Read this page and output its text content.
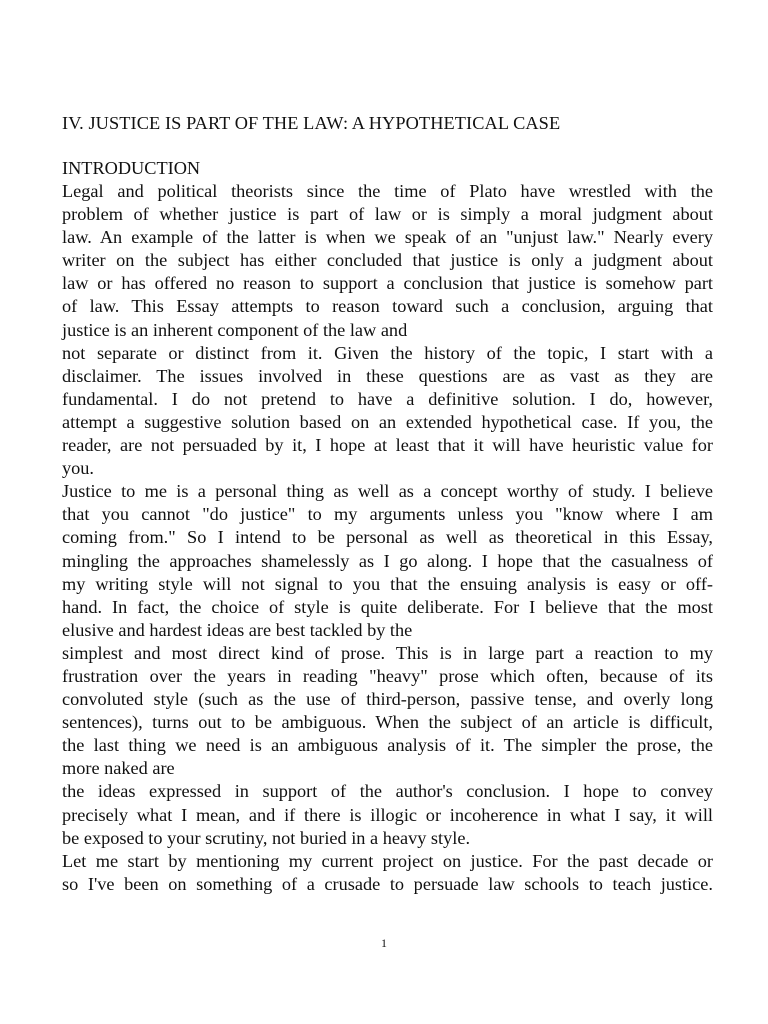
IV. JUSTICE IS PART OF THE LAW: A HYPOTHETICAL CASE

INTRODUCTION

Legal and political theorists since the time of Plato have wrestled with the
problem of whether justice is part of law or is simply a moral judgment about
law. An example of the latter is when we speak of an "unjust law." Nearly every
writer on the subject has either concluded that justice is only a judgment about
law or has offered no reason to support a conclusion that justice is somehow part
of law. This Essay attempts to reason toward such a conclusion, arguing that
justice is an inherent component of the law and
not separate or distinct from it. Given the history of the topic, I start with a
disclaimer. The issues involved in these questions are as vast as they are
fundamental. I do not pretend to have a definitive solution. I do, however,
attempt a suggestive solution based on an extended hypothetical case. If you, the
reader, are not persuaded by it, I hope at least that it will have heuristic value for
you.
Justice to me is a personal thing as well as a concept worthy of study. I believe
that you cannot "do justice" to my arguments unless you "know where I am
coming from." So I intend to be personal as well as theoretical in this Essay,
mingling the approaches shamelessly as I go along. I hope that the casualness of
my writing style will not signal to you that the ensuing analysis is easy or off-
hand. In fact, the choice of style is quite deliberate. For I believe that the most
elusive and hardest ideas are best tackled by the
simplest and most direct kind of prose. This is in large part a reaction to my
frustration over the years in reading "heavy" prose which often, because of its
convoluted style (such as the use of third-person, passive tense, and overly long
sentences), turns out to be ambiguous. When the subject of an article is difficult,
the last thing we need is an ambiguous analysis of it. The simpler the prose, the
more naked are
the ideas expressed in support of the author's conclusion. I hope to convey
precisely what I mean, and if there is illogic or incoherence in what I say, it will
be exposed to your scrutiny, not buried in a heavy style.
Let me start by mentioning my current project on justice. For the past decade or
so I've been on something of a crusade to persuade law schools to teach justice.
1
